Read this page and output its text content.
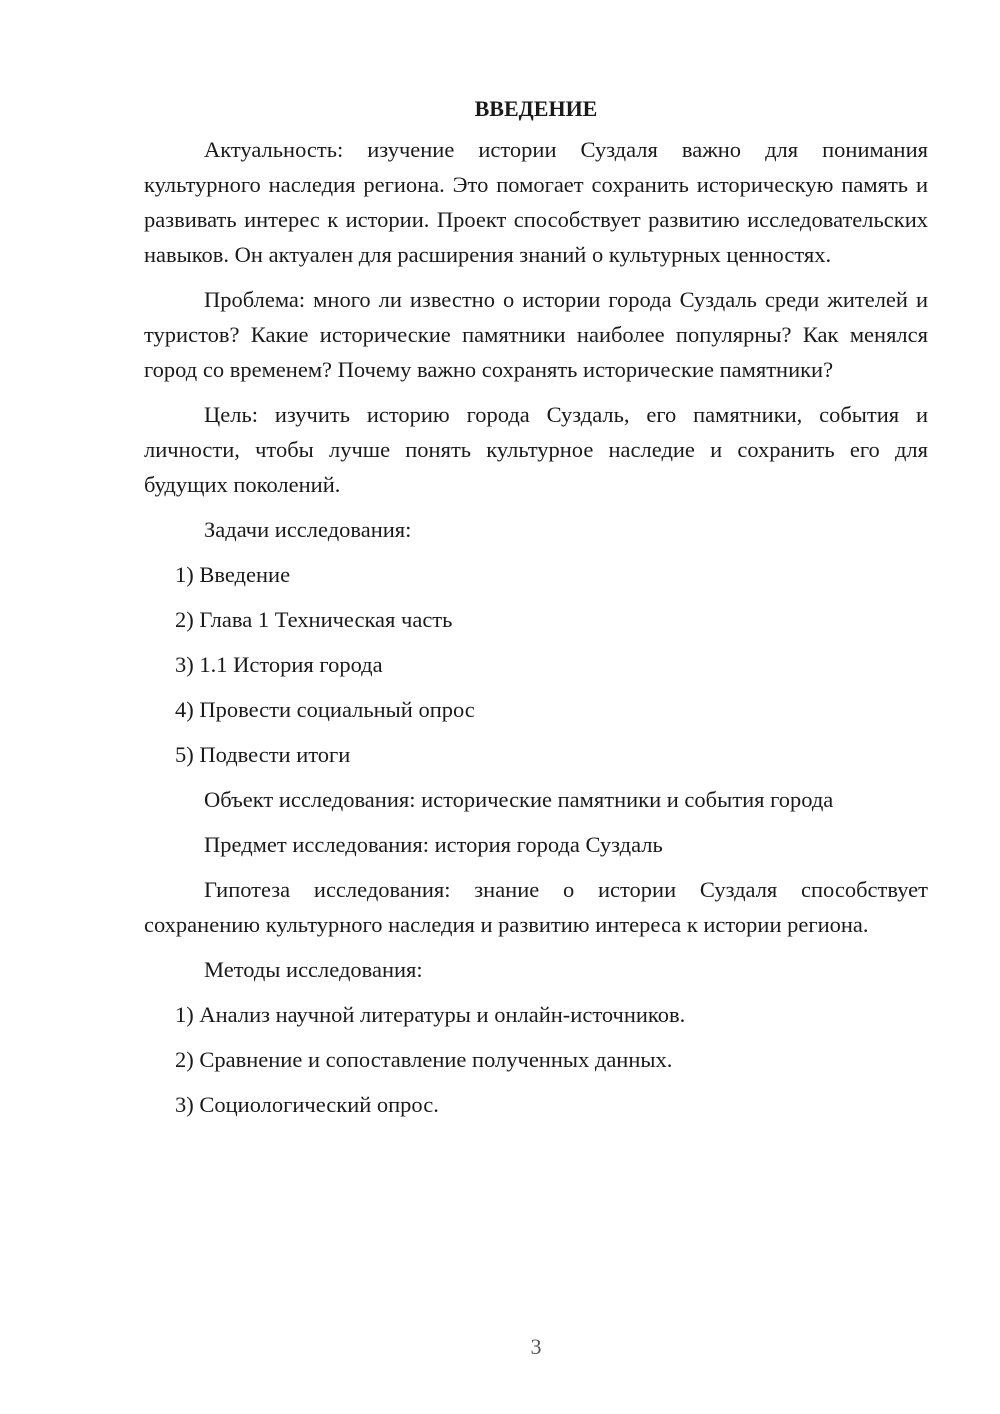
ВВЕДЕНИЕ

Актуальность: изучение истории Суздаля важно для понимания культурного наследия региона. Это помогает сохранить историческую память и развивать интерес к истории. Проект способствует развитию исследовательских навыков. Он актуален для расширения знаний о культурных ценностях.

Проблема: много ли известно о истории города Суздаль среди жителей и туристов? Какие исторические памятники наиболее популярны? Как менялся город со временем? Почему важно сохранять исторические памятники?

Цель: изучить историю города Суздаль, его памятники, события и личности, чтобы лучше понять культурное наследие и сохранить его для будущих поколений.

Задачи исследования:
1) Введение
2) Глава 1 Техническая часть
3) 1.1 История города
4) Провести социальный опрос
5) Подвести итоги
Объект исследования: исторические памятники и события города
Предмет исследования: история города Суздаль

Гипотеза исследования: знание о истории Суздаля способствует сохранению культурного наследия и развитию интереса к истории региона.

Методы исследования:
1) Анализ научной литературы и онлайн-источников.
2) Сравнение и сопоставление полученных данных.
3) Социологический опрос.
3
